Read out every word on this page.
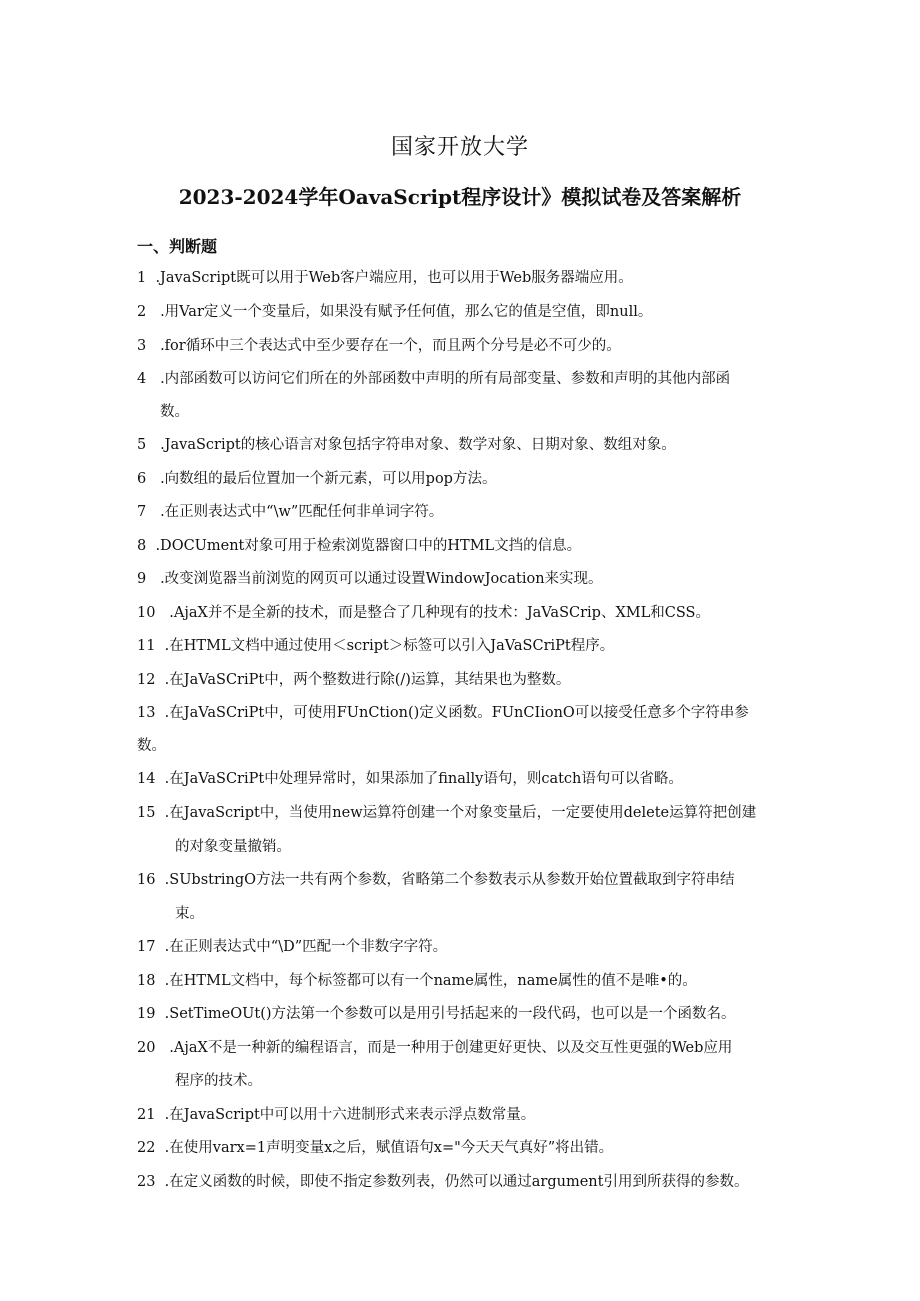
国家开放大学
2023-2024学年OavaScript程序设计》模拟试卷及答案解析
一、判断题
1 .JavaScript既可以用于Web客户端应用，也可以用于Web服务器端应用。
2 .用Var定义一个变量后，如果没有赋予任何值，那么它的值是空值，即null。
3 .for循环中三个表达式中至少要存在一个，而且两个分号是必不可少的。
4 .内部函数可以访问它们所在的外部函数中声明的所有局部变量、参数和声明的其他内部函
数。
5 .JavaScript的核心语言对象包括字符串对象、数学对象、日期对象、数组对象。
6 .向数组的最后位置加一个新元素，可以用pop方法。
7 .在正则表达式中“\w”匹配任何非单词字符。
8 .DOCUment对象可用于检索浏览器窗口中的HTML文挡的信息。
9 .改变浏览器当前浏览的网页可以通过设置WindowJocation来实现。
10 .AjaX并不是全新的技术，而是整合了几种现有的技术：JaVaSCrip、XML和CSS。
11 .在HTML文档中通过使用＜script＞标签可以引入JaVaSCriPt程序。
12 .在JaVaSCriPt中，两个整数进行除(/)运算，其结果也为整数。
13 .在JaVaSCriPt中，可使用FUnCtion()定义函数。FUnCIionO可以接受任意多个字符串参
数。
14 .在JaVaSCriPt中处理异常时，如果添加了finally语句，则catch语句可以省略。
15 .在JavaScript中，当使用new运算符创建一个对象变量后，一定要使用delete运算符把创建
的对象变量撤销。
16 .SUbstringO方法一共有两个参数，省略第二个参数表示从参数开始位置截取到字符串结
束。
17 .在正则表达式中“\D”匹配一个非数字字符。
18 .在HTML文档中，每个标签都可以有一个name属性，name属性的值不是唯•的。
19 .SetTimeOUt()方法第一个参数可以是用引号括起来的一段代码，也可以是一个函数名。
20 .AjaX不是一种新的编程语言，而是一种用于创建更好更快、以及交互性更强的Web应用
程序的技术。
21 .在JavaScript中可以用十六进制形式来表示浮点数常量。
22 .在使用varx=1声明变量x之后，赋值语句x="今天天气真好”将出错。
23 .在定义函数的时候，即使不指定参数列表，仍然可以通过argument引用到所获得的参数。
